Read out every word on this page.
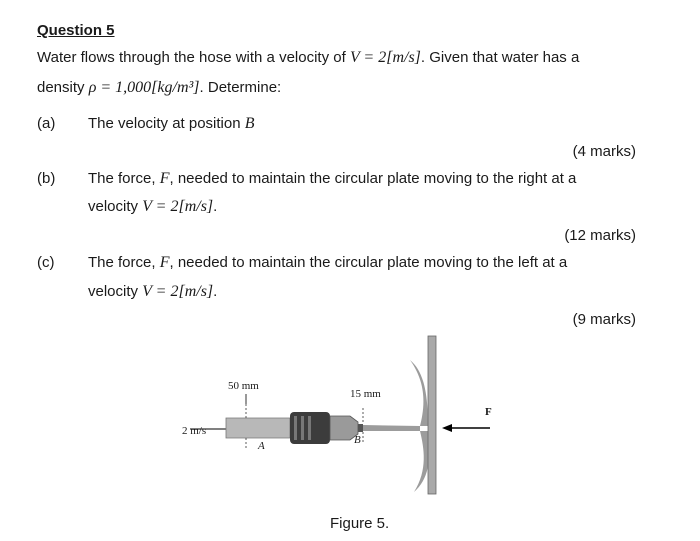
Question 5
Water flows through the hose with a velocity of V = 2[m/s]. Given that water has a
density ρ = 1,000[kg/m³]. Determine:
(a) The velocity at position B
(4 marks)
(b) The force, F, needed to maintain the circular plate moving to the right at a
velocity V = 2[m/s].
(12 marks)
(c) The force, F, needed to maintain the circular plate moving to the left at a
velocity V = 2[m/s].
(9 marks)
50 mm
15 mm
2 m/s
A	B
F
Figure 5.
